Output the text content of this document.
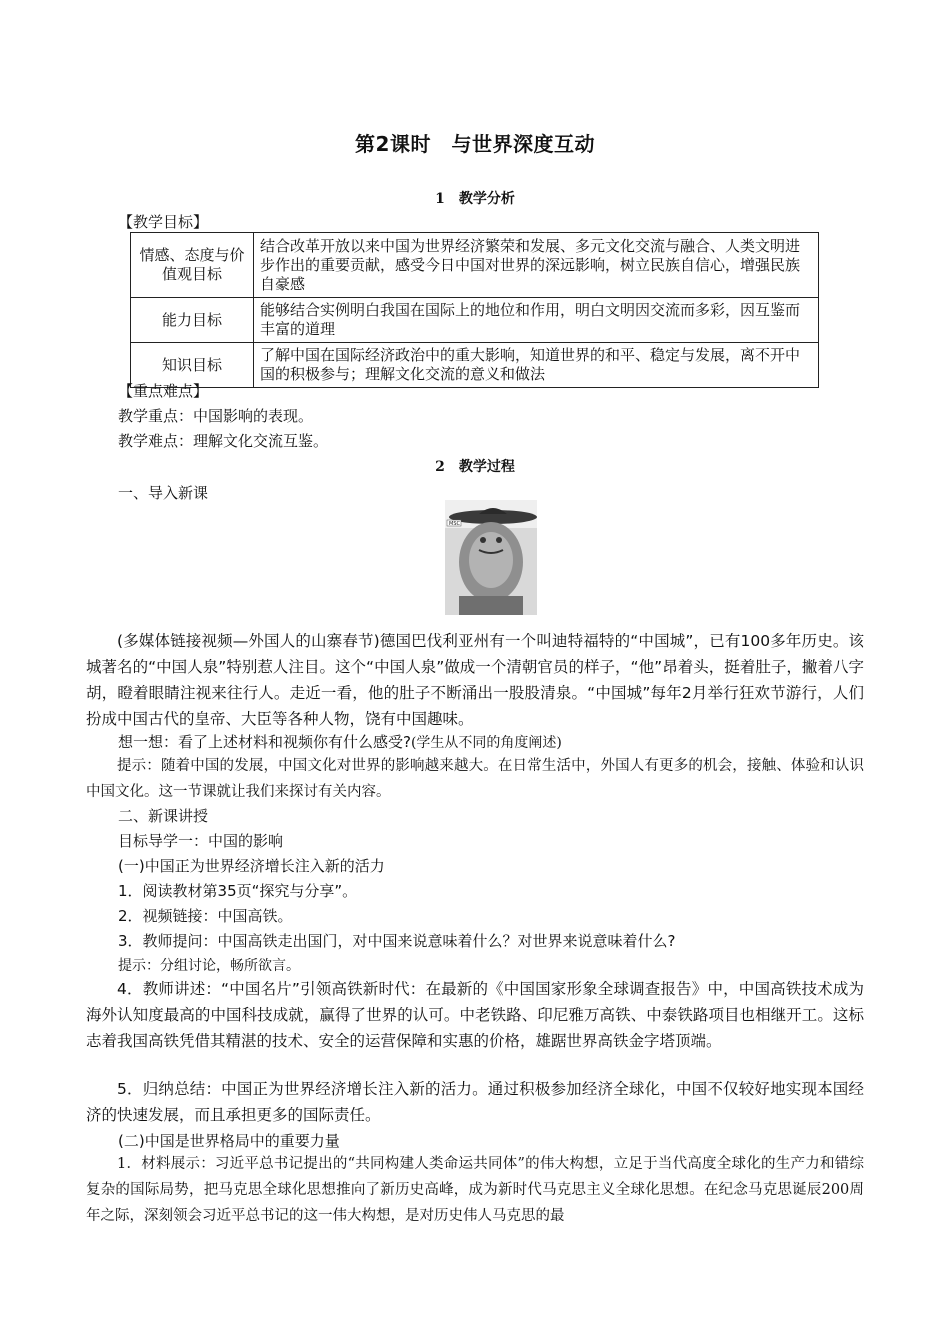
第2课时　与世界深度互动
1　教学分析
【教学目标】
情感、态度与价值观目标	结合改革开放以来中国为世界经济繁荣和发展、多元文化交流与融合、人类文明进步作出的重要贡献，感受今日中国对世界的深远影响，树立民族自信心，增强民族自豪感
能力目标	能够结合实例明白我国在国际上的地位和作用，明白文明因交流而多彩，因互鉴而丰富的道理
知识目标	了解中国在国际经济政治中的重大影响，知道世界的和平、稳定与发展，离不开中国的积极参与；理解文化交流的意义和做法
【重点难点】
教学重点：中国影响的表现。
教学难点：理解文化交流互鉴。
2　教学过程
一、导入新课
MSC
(多媒体链接视频—外国人的山寨春节)德国巴伐利亚州有一个叫迪特福特的“中国城”，已有100多年历史。该城著名的“中国人泉”特别惹人注目。这个“中国人泉”做成一个清朝官员的样子，“他”昂着头，挺着肚子，撇着八字胡，瞪着眼睛注视来往行人。走近一看，他的肚子不断涌出一股股清泉。“中国城”每年2月举行狂欢节游行，人们扮成中国古代的皇帝、大臣等各种人物，饶有中国趣味。
想一想：看了上述材料和视频你有什么感受?(学生从不同的角度阐述)
提示：随着中国的发展，中国文化对世界的影响越来越大。在日常生活中，外国人有更多的机会，接触、体验和认识中国文化。这一节课就让我们来探讨有关内容。
二、新课讲授
目标导学一：中国的影响
(一)中国正为世界经济增长注入新的活力
1．阅读教材第35页“探究与分享”。
2．视频链接：中国高铁。
3．教师提问：中国高铁走出国门，对中国来说意味着什么？对世界来说意味着什么?
提示：分组讨论，畅所欲言。
4．教师讲述：“中国名片”引领高铁新时代：在最新的《中国国家形象全球调查报告》中，中国高铁技术成为海外认知度最高的中国科技成就，赢得了世界的认可。中老铁路、印尼雅万高铁、中泰铁路项目也相继开工。这标志着我国高铁凭借其精湛的技术、安全的运营保障和实惠的价格，雄踞世界高铁金字塔顶端。
5．归纳总结：中国正为世界经济增长注入新的活力。通过积极参加经济全球化，中国不仅较好地实现本国经济的快速发展，而且承担更多的国际责任。
(二)中国是世界格局中的重要力量
1．材料展示：习近平总书记提出的“共同构建人类命运共同体”的伟大构想，立足于当代高度全球化的生产力和错综复杂的国际局势，把马克思全球化思想推向了新历史高峰，成为新时代马克思主义全球化思想。在纪念马克思诞辰200周年之际，深刻领会习近平总书记的这一伟大构想，是对历史伟人马克思的最
